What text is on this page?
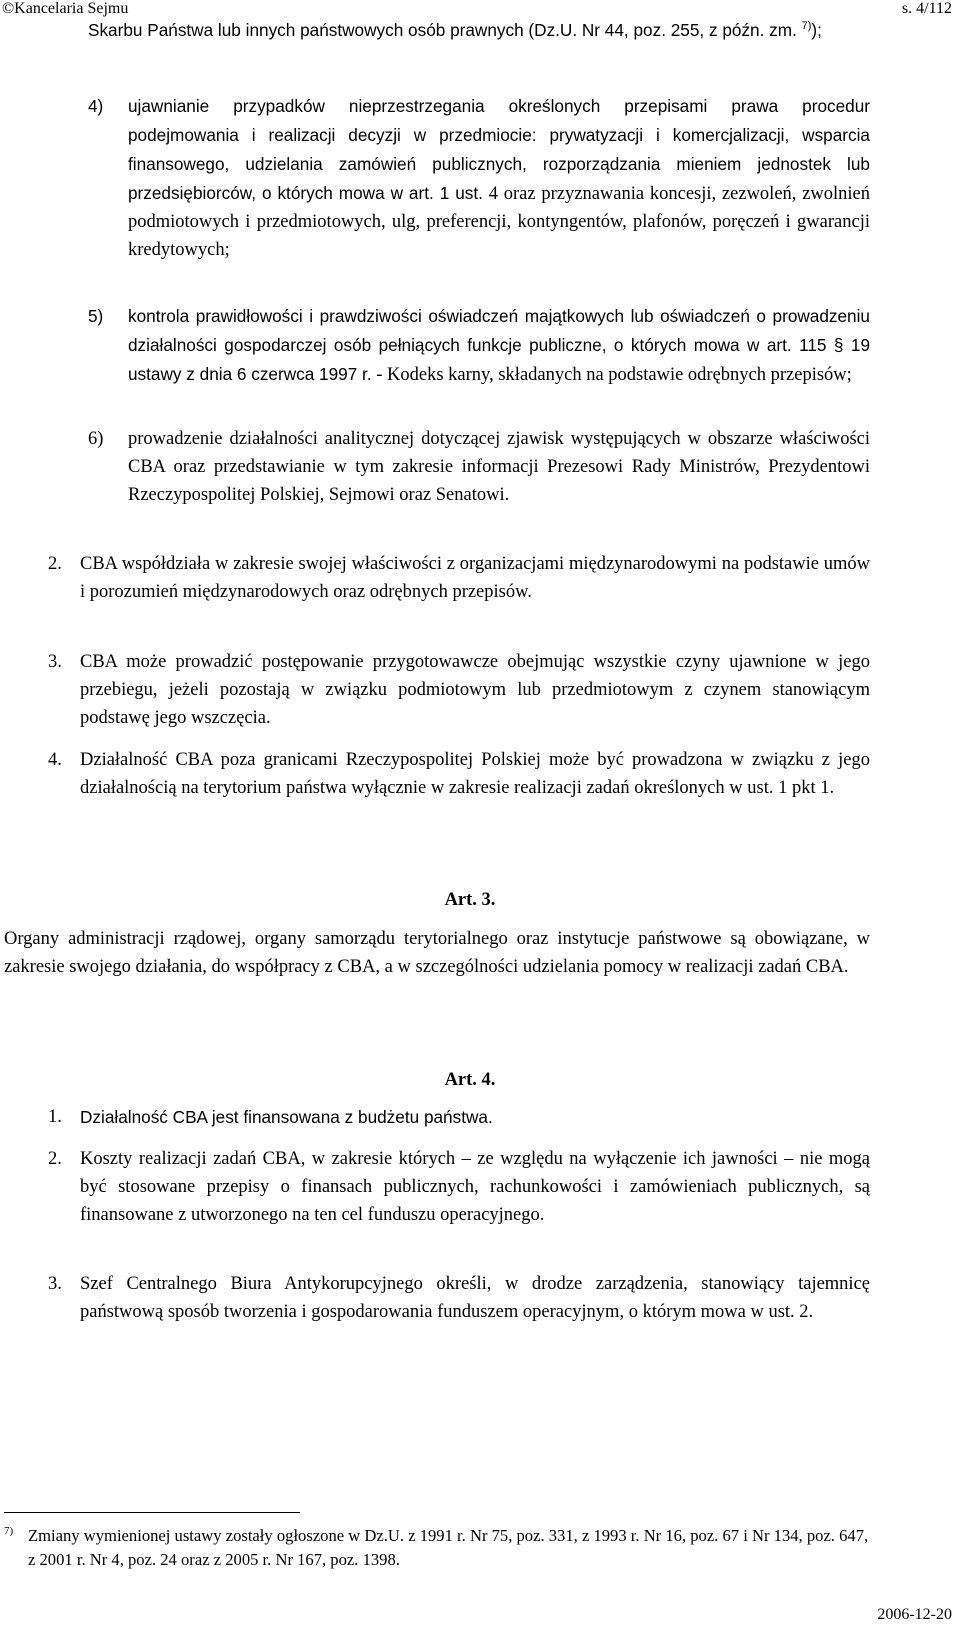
©Kancelaria Sejmu	s. 4/112
Skarbu Państwa lub innych państwowych osób prawnych (Dz.U. Nr 44, poz. 255, z późn. zm. $^{7)}$);
4)	ujawnianie przypadków nieprzestrzegania określonych przepisami prawa procedur podejmowania i realizacji decyzji w przedmiocie: prywatyzacji i komercjalizacji, wsparcia finansowego, udzielania zamówień publicznych, rozporządzania mieniem jednostek lub przedsiębiorców, o których mowa w art. 1 ust. 4 oraz przyznawania koncesji, zezwoleń, zwolnień podmiotowych i przedmiotowych, ulg, preferencji, kontyngentów, plafonów, poręczeń i gwarancji kredytowych;
5)	kontrola prawidłowości i prawdziwości oświadczeń majątkowych lub oświadczeń o prowadzeniu działalności gospodarczej osób pełniących funkcje publiczne, o których mowa w art. 115 § 19 ustawy z dnia 6 czerwca 1997 r. - Kodeks karny, składanych na podstawie odrębnych przepisów;
6)	prowadzenie działalności analitycznej dotyczącej zjawisk występujących w obszarze właściwości CBA oraz przedstawianie w tym zakresie informacji Prezesowi Rady Ministrów, Prezydentowi Rzeczypospolitej Polskiej, Sejmowi oraz Senatowi.
2. CBA współdziała w zakresie swojej właściwości z organizacjami międzynarodowymi na podstawie umów i porozumień międzynarodowych oraz odrębnych przepisów.
3. CBA może prowadzić postępowanie przygotowawcze obejmując wszystkie czyny ujawnione w jego przebiegu, jeżeli pozostają w związku podmiotowym lub przedmiotowym z czynem stanowiącym podstawę jego wszczęcia.
4. Działalność CBA poza granicami Rzeczypospolitej Polskiej może być prowadzona w związku z jego działalnością na terytorium państwa wyłącznie w zakresie realizacji zadań określonych w ust. 1 pkt 1.
Art. 3.
Organy administracji rządowej, organy samorządu terytorialnego oraz instytucje państwowe są obowiązane, w zakresie swojego działania, do współpracy z CBA, a w szczególności udzielania pomocy w realizacji zadań CBA.
Art. 4.
1.	Działalność CBA jest finansowana z budżetu państwa.
2. Koszty realizacji zadań CBA, w zakresie których – ze względu na wyłączenie ich jawności – nie mogą być stosowane przepisy o finansach publicznych, rachunkowości i zamówieniach publicznych, są finansowane z utworzonego na ten cel funduszu operacyjnego.
3. Szef Centralnego Biura Antykorupcyjnego określi, w drodze zarządzenia, stanowiący tajemnicę państwową sposób tworzenia i gospodarowania funduszem operacyjnym, o którym mowa w ust. 2.
7) Zmiany wymienionej ustawy zostały ogłoszone w Dz.U. z 1991 r. Nr 75, poz. 331, z 1993 r. Nr 16, poz. 67 i Nr 134, poz. 647, z 2001 r. Nr 4, poz. 24 oraz z 2005 r. Nr 167, poz. 1398.
2006-12-20
